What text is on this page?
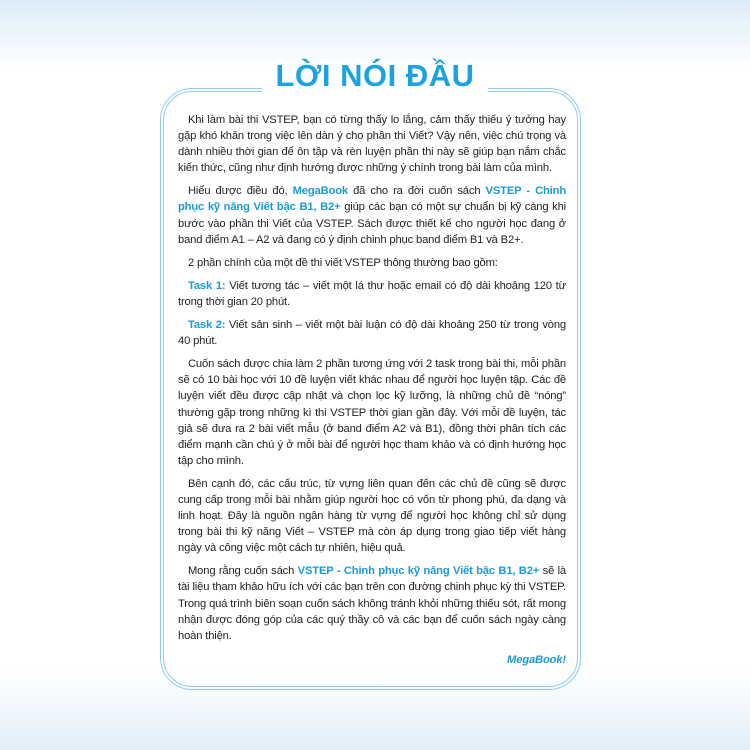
LỜI NÓI ĐẦU

Khi làm bài thi VSTEP, bạn có từng thấy lo lắng, cảm thấy thiếu ý tưởng hay gặp khó khăn trong việc lên dàn ý cho phần thi Viết? Vậy nên, việc chú trọng và dành nhiều thời gian để ôn tập và rèn luyện phần thi này sẽ giúp bạn nắm chắc kiến thức, cũng như định hướng được những ý chính trong bài làm của mình.

Hiểu được điều đó, MegaBook đã cho ra đời cuốn sách VSTEP - Chinh phục kỹ năng Viết bậc B1, B2+ giúp các bạn có một sự chuẩn bị kỹ càng khi bước vào phần thi Viết của VSTEP. Sách được thiết kế cho người học đang ở band điểm A1 – A2 và đang có ý định chinh phục band điểm B1 và B2+.

2 phần chính của một đề thi viết VSTEP thông thường bao gồm:

Task 1: Viết tương tác – viết một lá thư hoặc email có độ dài khoảng 120 từ trong thời gian 20 phút.

Task 2: Viết sản sinh – viết một bài luận có độ dài khoảng 250 từ trong vòng 40 phút.

Cuốn sách được chia làm 2 phần tương ứng với 2 task trong bài thi, mỗi phần sẽ có 10 bài học với 10 đề luyện viết khác nhau để người học luyện tập. Các đề luyện viết đều được cập nhật và chọn lọc kỹ lưỡng, là những chủ đề “nóng” thường gặp trong những kì thi VSTEP thời gian gần đây. Với mỗi đề luyện, tác giả sẽ đưa ra 2 bài viết mẫu (ở band điểm A2 và B1), đồng thời phân tích các điểm mạnh cần chú ý ở mỗi bài để người học tham khảo và có định hướng học tập cho mình.

Bên cạnh đó, các cấu trúc, từ vựng liên quan đến các chủ đề cũng sẽ được cung cấp trong mỗi bài nhằm giúp người học có vốn từ phong phú, đa dạng và linh hoạt. Đây là nguồn ngân hàng từ vựng để người học không chỉ sử dụng trong bài thi kỹ năng Viết – VSTEP mà còn áp dụng trong giao tiếp viết hàng ngày và công việc một cách tự nhiên, hiệu quả.

Mong rằng cuốn sách VSTEP - Chinh phục kỹ năng Viết bậc B1, B2+ sẽ là tài liệu tham khảo hữu ích với các bạn trên con đường chinh phục kỳ thi VSTEP. Trong quá trình biên soạn cuốn sách không tránh khỏi những thiếu sót, rất mong nhận được đóng góp của các quý thầy cô và các bạn để cuốn sách ngày càng hoàn thiện.

MegaBook!
